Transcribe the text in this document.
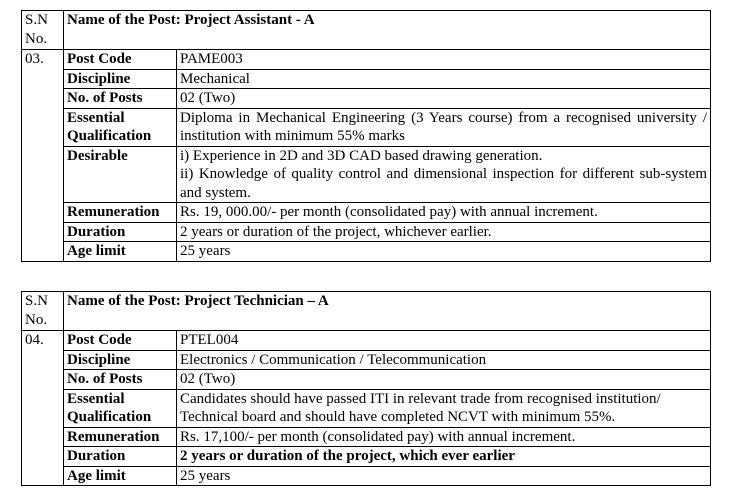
S.N
No.	Name of the Post: Project Assistant - A	
03.	Post Code	PAME003
	Discipline	Mechanical
	No. of Posts	02 (Two)
	Essential Qualification	Diploma in Mechanical Engineering (3 Years course) from a recognised university / institution with minimum 55% marks
	Desirable	i) Experience in 2D and 3D CAD based drawing generation.
ii) Knowledge of quality control and dimensional inspection for different sub-system and system.

	Remuneration	Rs. 19, 000.00/- per month (consolidated pay) with annual increment.
	Duration	2 years or duration of the project, whichever earlier.
	Age limit	25 years
S.N
No.	Name of the Post: Project Technician – A	
04.	Post Code	PTEL004
	Discipline	Electronics / Communication / Telecommunication
	No. of Posts	02 (Two)
	Essential Qualification	Candidates should have passed ITI in relevant trade from recognised institution/ Technical board and should have completed NCVT with minimum 55%.
	Remuneration	Rs. 17,100/- per month (consolidated pay) with annual increment.
	Duration	2 years or duration of the project, which ever earlier
	Age limit	25 years
